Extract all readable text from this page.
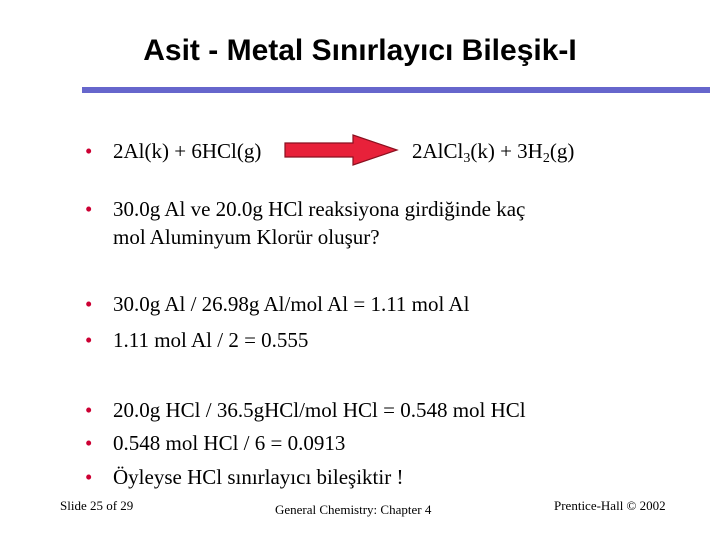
Asit - Metal Sınırlayıcı Bileşik-I
• 2Al(k) + 6HCl(g)	2AlCl$_3$(k) + $3H_2(g)$
• 30.0g Al ve 20.0g HCl reaksiyona girdiğinde kaç
mol Aluminyum Klorür oluşur?
• 30.0g Al / 26.98g Al/mol Al = 1.11 mol Al
• 1.11 mol Al / 2 = 0.555
• 20.0g HCl / 36.5gHCl/mol HCl = 0.548 mol HCl
• 0.548 mol HCl / 6 = 0.0913
• Öyleyse HCl sınırlayıcı bileşiktir !
Slide 25 of 29	General Chemistry: Chapter 4	Prentice-Hall © 2002
